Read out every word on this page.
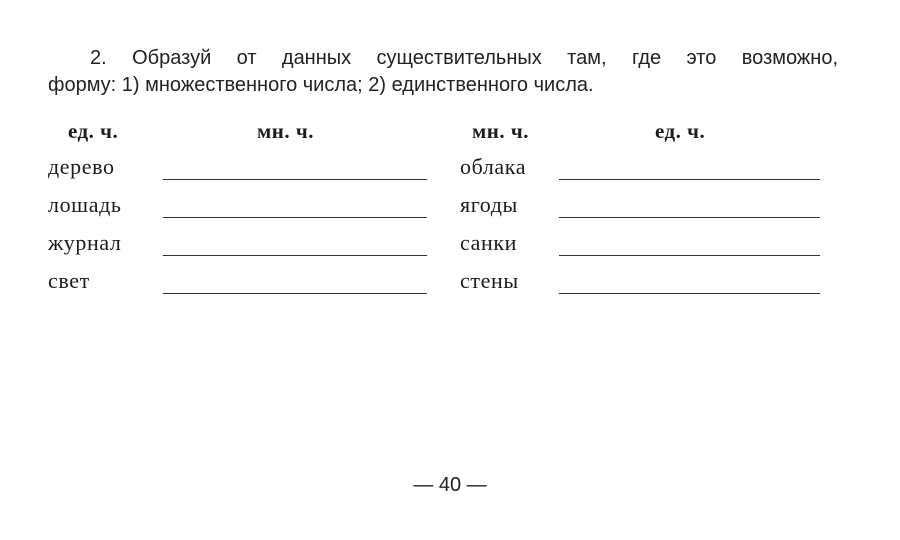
2. Образуй от данных существительных там, где это возможно,
форму: 1) множественного числа; 2) единственного числа.
ед. ч.	мн. ч.
дерево
лошадь
журнал
свет
мн. ч.	ед. ч.
облака
ягоды
санки
стены
— 40 —
